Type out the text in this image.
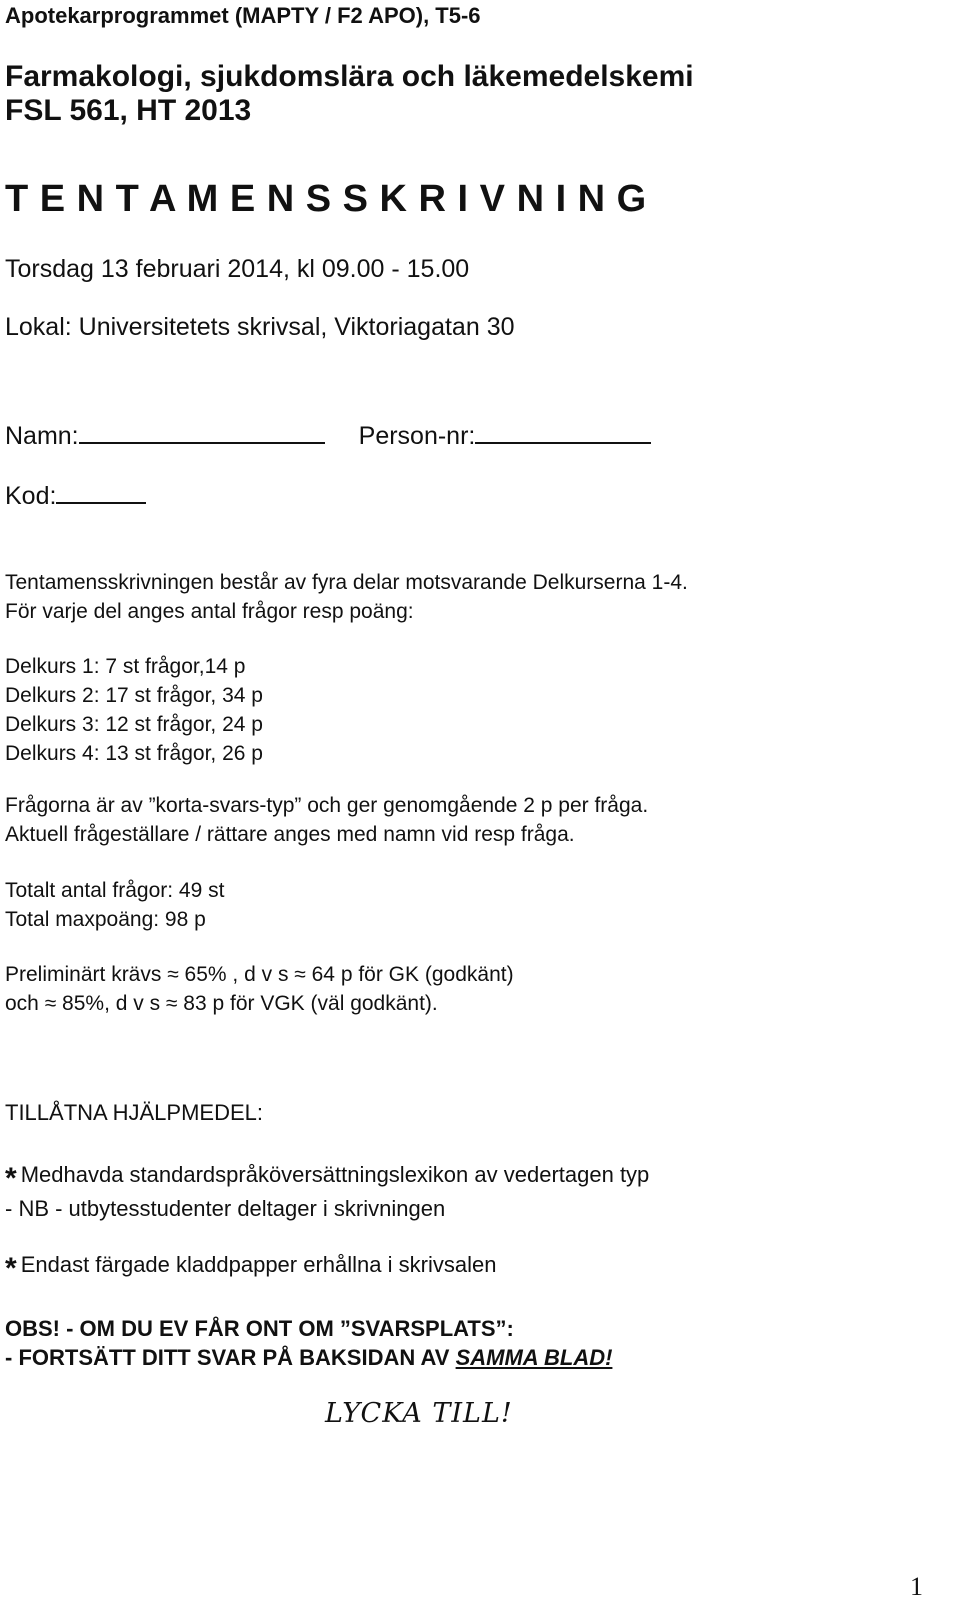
Apotekarprogrammet (MAPTY / F2 APO), T5-6
Farmakologi, sjukdomslära och läkemedelskemi
FSL 561, HT 2013
T E N T A M E N S S K R I V N I N G
Torsdag 13 februari 2014, kl 09.00 - 15.00
Lokal: Universitetets skrivsal, Viktoriagatan 30
Namn:	Person-nr:
Kod:
Tentamensskrivningen består av fyra delar motsvarande Delkurserna 1-4.
För varje del anges antal frågor resp poäng:
Delkurs 1: 7 st frågor,14 p
Delkurs 2: 17 st frågor, 34 p
Delkurs 3: 12 st frågor, 24 p
Delkurs 4: 13 st frågor, 26 p
Frågorna är av ”korta-svars-typ” och ger genomgående 2 p per fråga.
Aktuell frågeställare / rättare anges med namn vid resp fråga.
Totalt antal frågor: 49 st
Total maxpoäng: 98 p
Preliminärt krävs ≈ 65% , d v s ≈ 64 p för GK (godkänt)
och ≈ 85%, d v s ≈ 83 p för VGK (väl godkänt).
TILLÅTNA HJÄLPMEDEL:
* Medhavda standardspråköversättningslexikon av vedertagen typ
- NB - utbytesstudenter deltager i skrivningen
* Endast färgade kladdpapper erhållna i skrivsalen
OBS! - OM DU EV FÅR ONT OM ”SVARSPLATS”:
- FORTSÄTT DITT SVAR PÅ BAKSIDAN AV SAMMA BLAD!
LYCKA TILL!
1
